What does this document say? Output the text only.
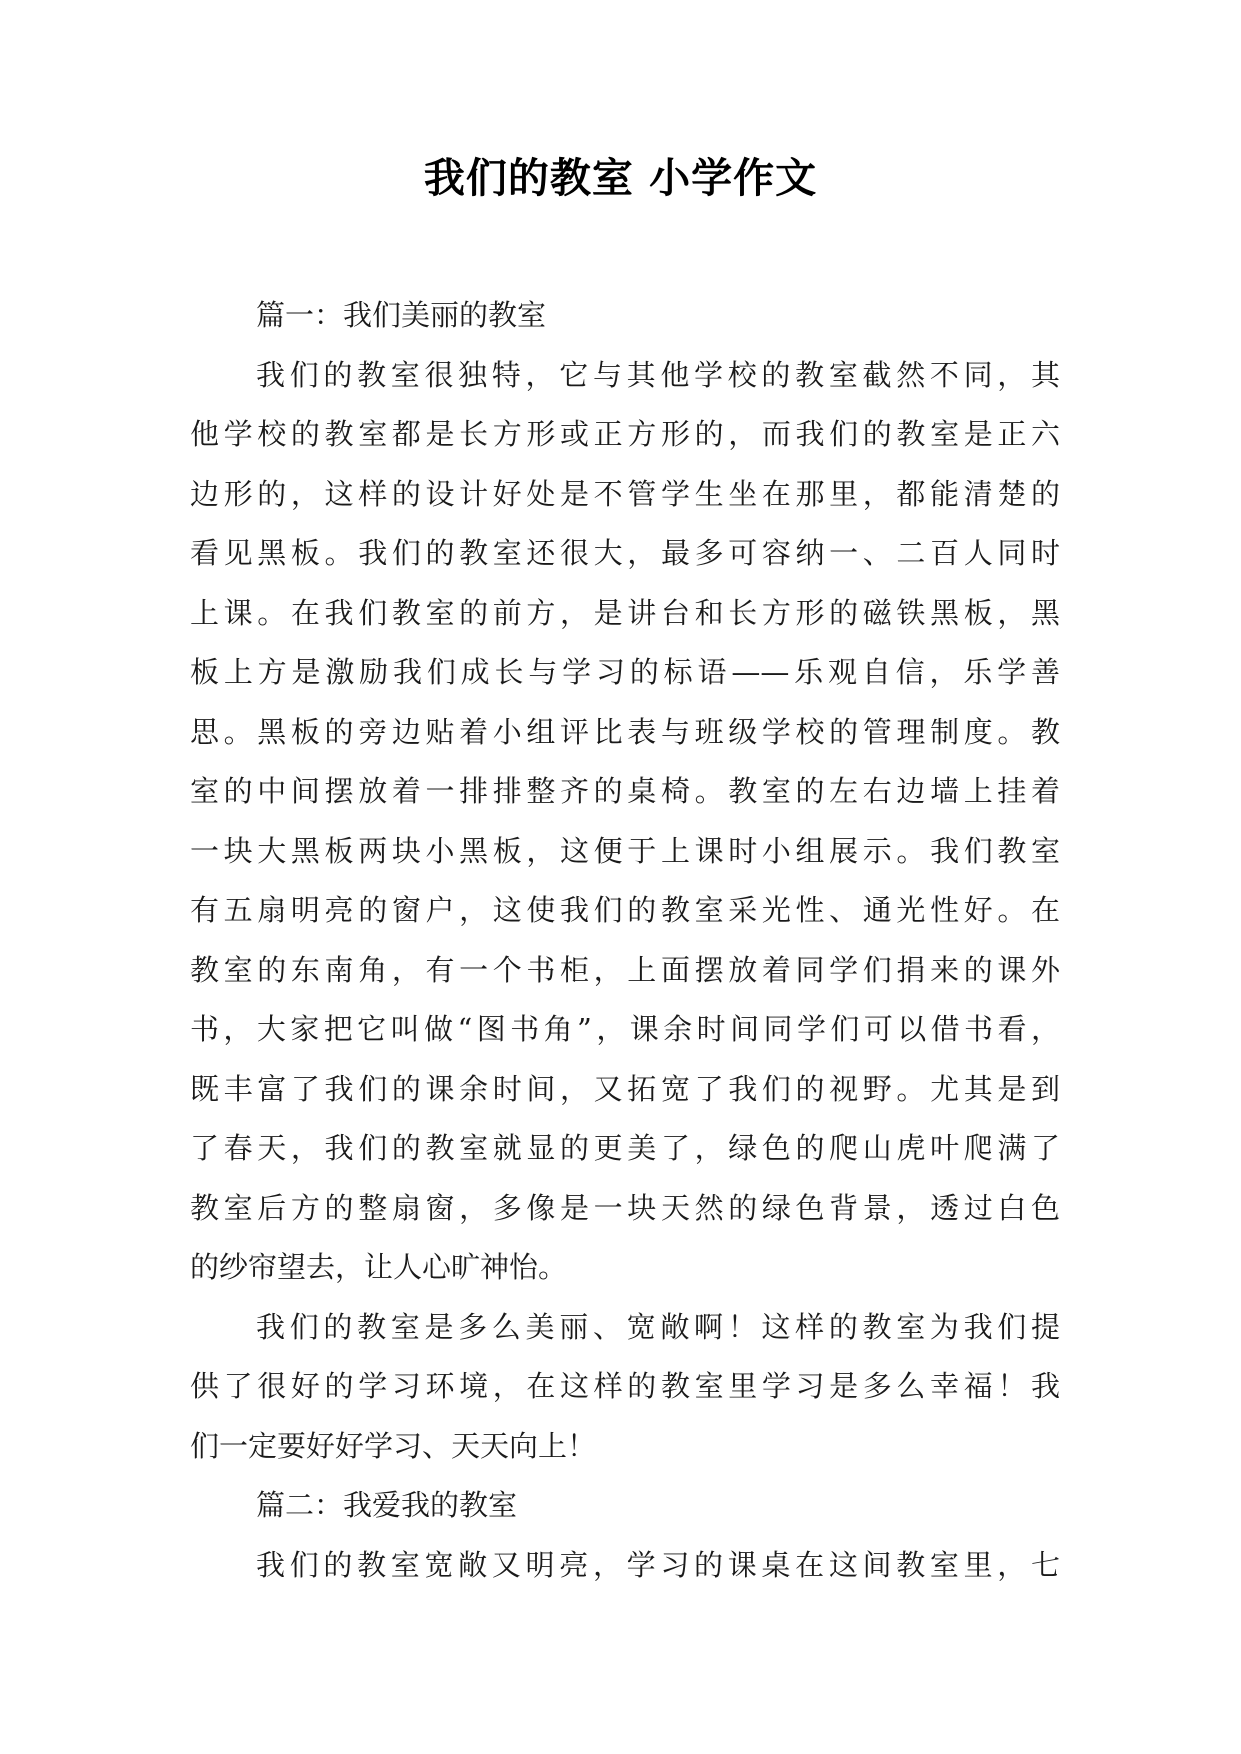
我们的教室 小学作文
篇一：我们美丽的教室
我们的教室很独特，它与其他学校的教室截然不同，其
他学校的教室都是长方形或正方形的，而我们的教室是正六
边形的，这样的设计好处是不管学生坐在那里，都能清楚的
看见黑板。我们的教室还很大，最多可容纳一、二百人同时
上课。在我们教室的前方，是讲台和长方形的磁铁黑板，黑
板上方是激励我们成长与学习的标语——乐观自信，乐学善
思。黑板的旁边贴着小组评比表与班级学校的管理制度。教
室的中间摆放着一排排整齐的桌椅。教室的左右边墙上挂着
一块大黑板两块小黑板，这便于上课时小组展示。我们教室
有五扇明亮的窗户，这使我们的教室采光性、通光性好。在
教室的东南角，有一个书柜，上面摆放着同学们捐来的课外
书，大家把它叫做“图书角”，课余时间同学们可以借书看，
既丰富了我们的课余时间，又拓宽了我们的视野。尤其是到
了春天，我们的教室就显的更美了，绿色的爬山虎叶爬满了
教室后方的整扇窗，多像是一块天然的绿色背景，透过白色
的纱帘望去，让人心旷神怡。
我们的教室是多么美丽、宽敞啊！这样的教室为我们提
供了很好的学习环境，在这样的教室里学习是多么幸福！我
们一定要好好学习、天天向上！
篇二：我爱我的教室
我们的教室宽敞又明亮，学习的课桌在这间教室里，七
